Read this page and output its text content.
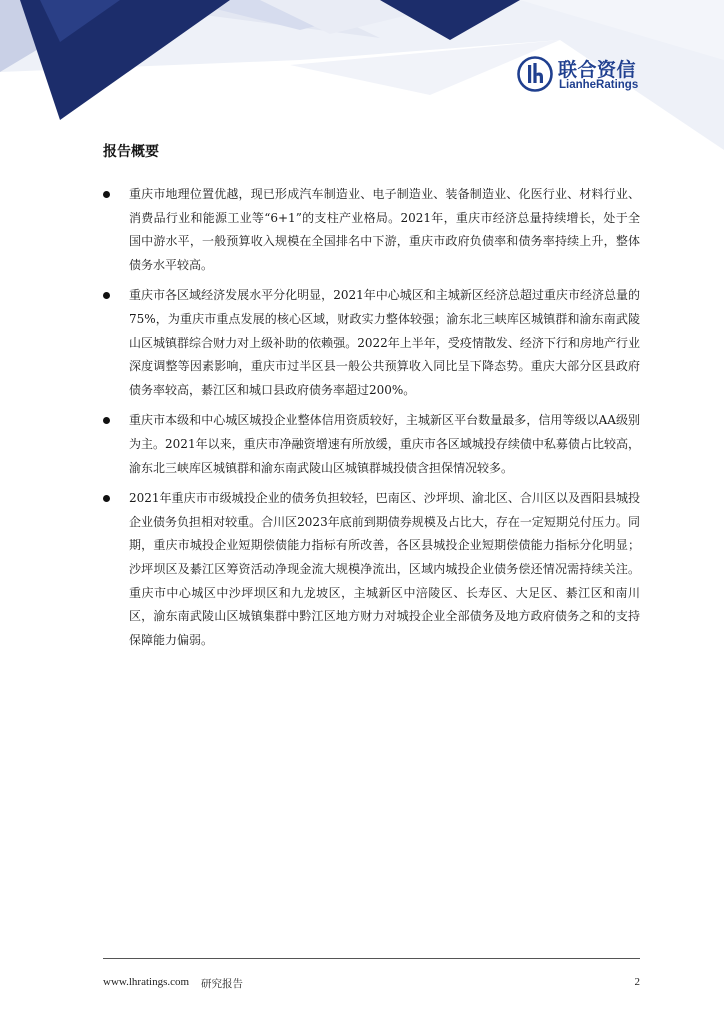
联合资信
LianheRatings
报告概要
重庆市地理位置优越，现已形成汽车制造业、电子制造业、装备制造业、化医行业、材料行业、消费品行业和能源工业等“6+1”的支柱产业格局。2021年，重庆市经济总量持续增长，处于全国中游水平，一般预算收入规模在全国排名中下游，重庆市政府负债率和债务率持续上升，整体债务水平较高。
重庆市各区域经济发展水平分化明显，2021年中心城区和主城新区经济总超过重庆市经济总量的75%，为重庆市重点发展的核心区域，财政实力整体较强；渝东北三峡库区城镇群和渝东南武陵山区城镇群综合财力对上级补助的依赖强。2022年上半年，受疫情散发、经济下行和房地产行业深度调整等因素影响，重庆市过半区县一般公共预算收入同比呈下降态势。重庆大部分区县政府债务率较高，綦江区和城口县政府债务率超过200%。
重庆市本级和中心城区城投企业整体信用资质较好，主城新区平台数量最多，信用等级以AA级别为主。2021年以来，重庆市净融资增速有所放缓，重庆市各区域城投存续债中私募债占比较高，渝东北三峡库区城镇群和渝东南武陵山区城镇群城投债含担保情况较多。
2021年重庆市市级城投企业的债务负担较轻，巴南区、沙坪坝、渝北区、合川区以及酉阳县城投企业债务负担相对较重。合川区2023年底前到期债券规模及占比大，存在一定短期兑付压力。同期，重庆市城投企业短期偿债能力指标有所改善，各区县城投企业短期偿债能力指标分化明显；沙坪坝区及綦江区筹资活动净现金流大规模净流出，区域内城投企业债务偿还情况需持续关注。重庆市中心城区中沙坪坝区和九龙坡区，主城新区中涪陵区、长寿区、大足区、綦江区和南川区，渝东南武陵山区城镇集群中黔江区地方财力对城投企业全部债务及地方政府债务之和的支持保障能力偏弱。
www.lhratings.com 研究报告	2
